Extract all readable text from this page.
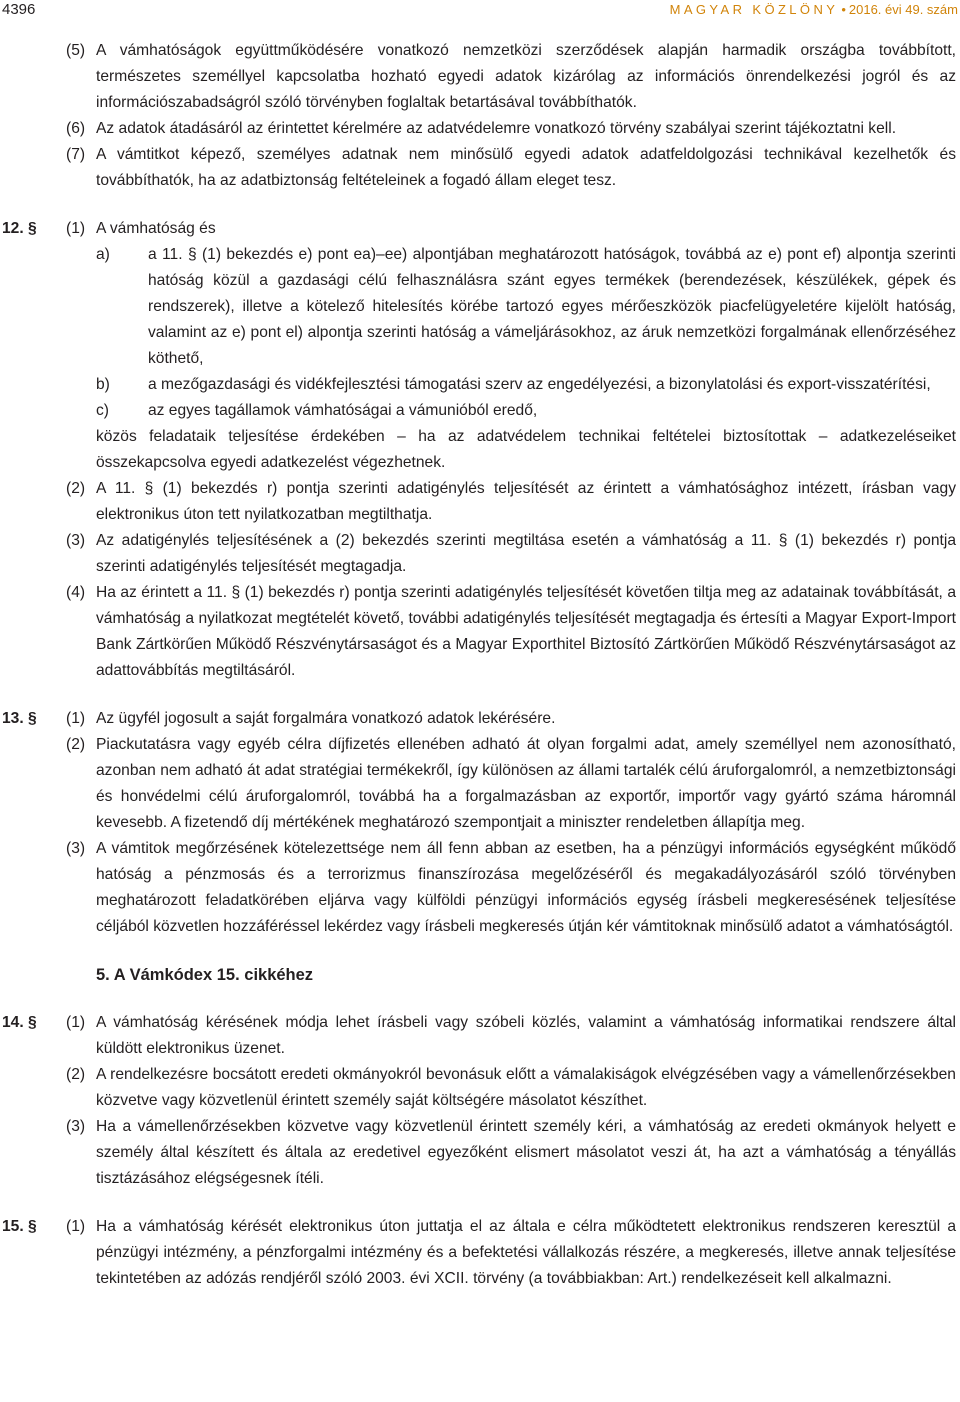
4396	MAGYAR KÖZLÖNY • 2016. évi 49. szám
(5) A vámhatóságok együttműködésére vonatkozó nemzetközi szerződések alapján harmadik országba továbbított, természetes személlyel kapcsolatba hozható egyedi adatok kizárólag az információs önrendelkezési jogról és az információszabadságról szóló törvényben foglaltak betartásával továbbíthatók.
(6) Az adatok átadásáról az érintettet kérelmére az adatvédelemre vonatkozó törvény szabályai szerint tájékoztatni kell.
(7) A vámtitkot képező, személyes adatnak nem minősülő egyedi adatok adatfeldolgozási technikával kezelhetők és továbbíthatók, ha az adatbiztonság feltételeinek a fogadó állam eleget tesz.
12. §	(1) A vámhatóság és
a) a 11. § (1) bekezdés e) pont ea)–ee) alpontjában meghatározott hatóságok, továbbá az e) pont ef) alpontja szerinti hatóság közül a gazdasági célú felhasználásra szánt egyes termékek (berendezések, készülékek, gépek és rendszerek), illetve a kötelező hitelesítés körébe tartozó egyes mérőeszközök piacfelügyeletére kijelölt hatóság, valamint az e) pont el) alpontja szerinti hatóság a vámeljárásokhoz, az áruk nemzetközi forgalmának ellenőrzéséhez köthető,
b) a mezőgazdasági és vidékfejlesztési támogatási szerv az engedélyezési, a bizonylatolási és export-visszatérítési,
c)	az egyes tagállamok vámhatóságai a vámunióból eredő,
közös feladataik teljesítése érdekében – ha az adatvédelem technikai feltételei biztosítottak – adatkezeléseiket összekapcsolva egyedi adatkezelést végezhetnek.
(2) A 11. § (1) bekezdés r) pontja szerinti adatigénylés teljesítését az érintett a vámhatósághoz intézett, írásban vagy elektronikus úton tett nyilatkozatban megtilthatja.
(3) Az adatigénylés teljesítésének a (2) bekezdés szerinti megtiltása esetén a vámhatóság a 11. § (1) bekezdés r) pontja szerinti adatigénylés teljesítését megtagadja.
(4) Ha az érintett a 11. § (1) bekezdés r) pontja szerinti adatigénylés teljesítését követően tiltja meg az adatainak továbbítását, a vámhatóság a nyilatkozat megtételét követő, további adatigénylés teljesítését megtagadja és értesíti a Magyar Export-Import Bank Zártkörűen Működő Részvénytársaságot és a Magyar Exporthitel Biztosító Zártkörűen Működő Részvénytársaságot az adattovábbítás megtiltásáról.
13. §	(1) Az ügyfél jogosult a saját forgalmára vonatkozó adatok lekérésére.
(2) Piackutatásra vagy egyéb célra díjfizetés ellenében adható át olyan forgalmi adat, amely személlyel nem azonosítható, azonban nem adható át adat stratégiai termékekről, így különösen az állami tartalék célú áruforgalomról, a nemzetbiztonsági és honvédelmi célú áruforgalomról, továbbá ha a forgalmazásban az exportőr, importőr vagy gyártó száma háromnál kevesebb. A fizetendő díj mértékének meghatározó szempontjait a miniszter rendeletben állapítja meg.
(3) A vámtitok megőrzésének kötelezettsége nem áll fenn abban az esetben, ha a pénzügyi információs egységként működő hatóság a pénzmosás és a terrorizmus finanszírozása megelőzéséről és megakadályozásáról szóló törvényben meghatározott feladatkörében eljárva vagy külföldi pénzügyi információs egység írásbeli megkeresésének teljesítése céljából közvetlen hozzáféréssel lekérdez vagy írásbeli megkeresés útján kér vámtitoknak minősülő adatot a vámhatóságtól.
5. A Vámkódex 15. cikkéhez
14. §	(1) A vámhatóság kérésének módja lehet írásbeli vagy szóbeli közlés, valamint a vámhatóság informatikai rendszere által küldött elektronikus üzenet.
(2) A rendelkezésre bocsátott eredeti okmányokról bevonásuk előtt a vámalakiságok elvégzésében vagy a vámellenőrzésekben közvetve vagy közvetlenül érintett személy saját költségére másolatot készíthet.
(3) Ha a vámellenőrzésekben közvetve vagy közvetlenül érintett személy kéri, a vámhatóság az eredeti okmányok helyett e személy által készített és általa az eredetivel egyezőként elismert másolatot veszi át, ha azt a vámhatóság a tényállás tisztázásához elégségesnek ítéli.
15. §	(1) Ha a vámhatóság kérését elektronikus úton juttatja el az általa e célra működtetett elektronikus rendszeren keresztül a pénzügyi intézmény, a pénzforgalmi intézmény és a befektetési vállalkozás részére, a megkeresés, illetve annak teljesítése tekintetében az adózás rendjéről szóló 2003. évi XCII. törvény (a továbbiakban: Art.) rendelkezéseit kell alkalmazni.
